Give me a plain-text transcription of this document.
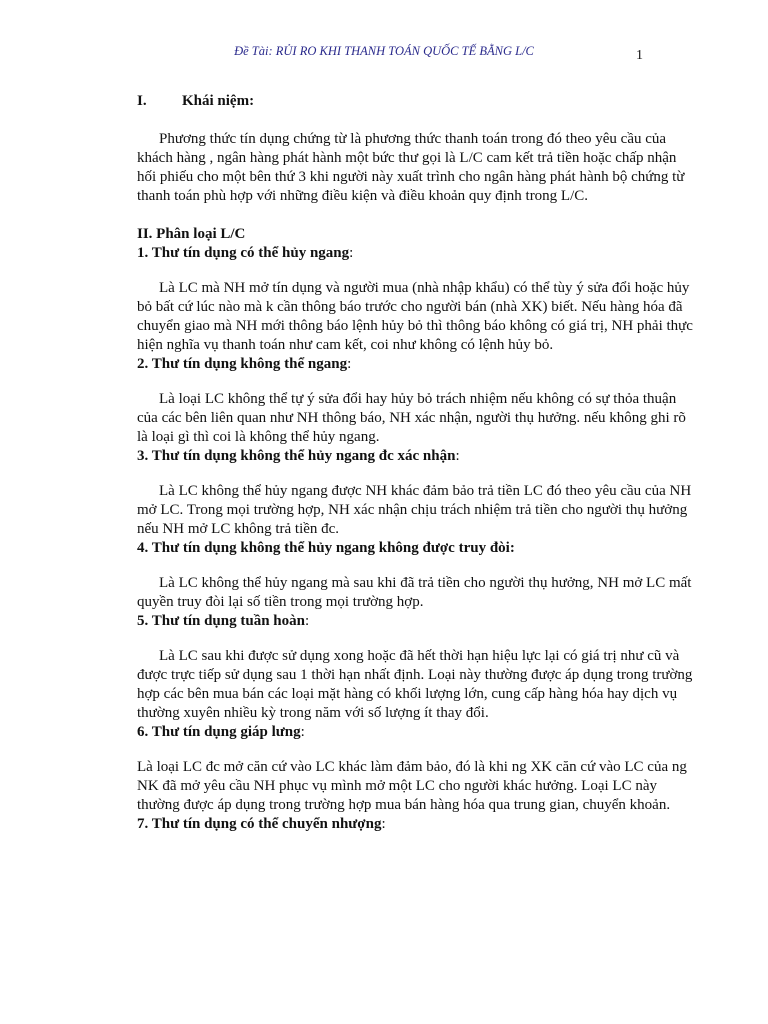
Đề Tài: RỦI RO KHI THANH TOÁN QUỐC TẾ BẰNG L/C	1
I. Khái niệm:

Phương thức tín dụng chứng từ là phương thức thanh toán trong đó theo yêu cầu của khách hàng , ngân hàng phát hành một bức thư gọi là L/C cam kết trả tiền hoặc chấp nhận hối phiếu cho một bên thứ 3 khi người này xuất trình cho ngân hàng phát hành bộ chứng từ thanh toán phù hợp với những điều kiện và điều khoản quy định trong L/C.

II. Phân loại L/C
1. Thư tín dụng có thể hủy ngang:

Là LC mà NH mở tín dụng và người mua (nhà nhập khẩu) có thể tùy ý sửa đổi hoặc hủy bỏ bất cứ lúc nào mà k cần thông báo trước cho người bán (nhà XK) biết. Nếu hàng hóa đã chuyển giao mà NH mới thông báo lệnh hủy bỏ thì thông báo không có giá trị, NH phải thực hiện nghĩa vụ thanh toán như cam kết, coi như không có lệnh hủy bỏ.

2. Thư tín dụng không thể ngang:

Là loại LC không thể tự ý sửa đổi hay hủy bỏ trách nhiệm nếu không có sự thỏa thuận của các bên liên quan như NH thông báo, NH xác nhận, người thụ hưởng. nếu không ghi rõ là loại gì thì coi là không thể hủy ngang.

3. Thư tín dụng không thể hủy ngang đc xác nhận:

Là LC không thể hủy ngang được NH khác đảm bảo trả tiền LC đó theo yêu cầu của NH mở LC. Trong mọi trường hợp, NH xác nhận chịu trách nhiệm trả tiền cho người thụ hưởng nếu NH mở LC không trả tiền đc.

4. Thư tín dụng không thể hủy ngang không được truy đòi:

Là LC không thể hủy ngang mà sau khi đã trả tiền cho người thụ hưởng, NH mở LC mất quyền truy đòi lại số tiền trong mọi trường hợp.

5. Thư tín dụng tuần hoàn:

Là LC sau khi được sử dụng xong hoặc đã hết thời hạn hiệu lực lại có giá trị như cũ và được trực tiếp sử dụng sau 1 thời hạn nhất định. Loại này thường được áp dụng trong trường hợp các bên mua bán các loại mặt hàng có khối lượng lớn, cung cấp hàng hóa hay dịch vụ thường xuyên nhiều kỳ trong năm với số lượng ít thay đổi.

6. Thư tín dụng giáp lưng:

Là loại LC đc mở căn cứ vào LC khác làm đảm bảo, đó là khi ng XK căn cứ vào LC của ng NK đã mở yêu cầu NH phục vụ mình mở một LC cho người khác hưởng. Loại LC này thường được áp dụng trong trường hợp mua bán hàng hóa qua trung gian, chuyển khoản.

7. Thư tín dụng có thể chuyển nhượng:
